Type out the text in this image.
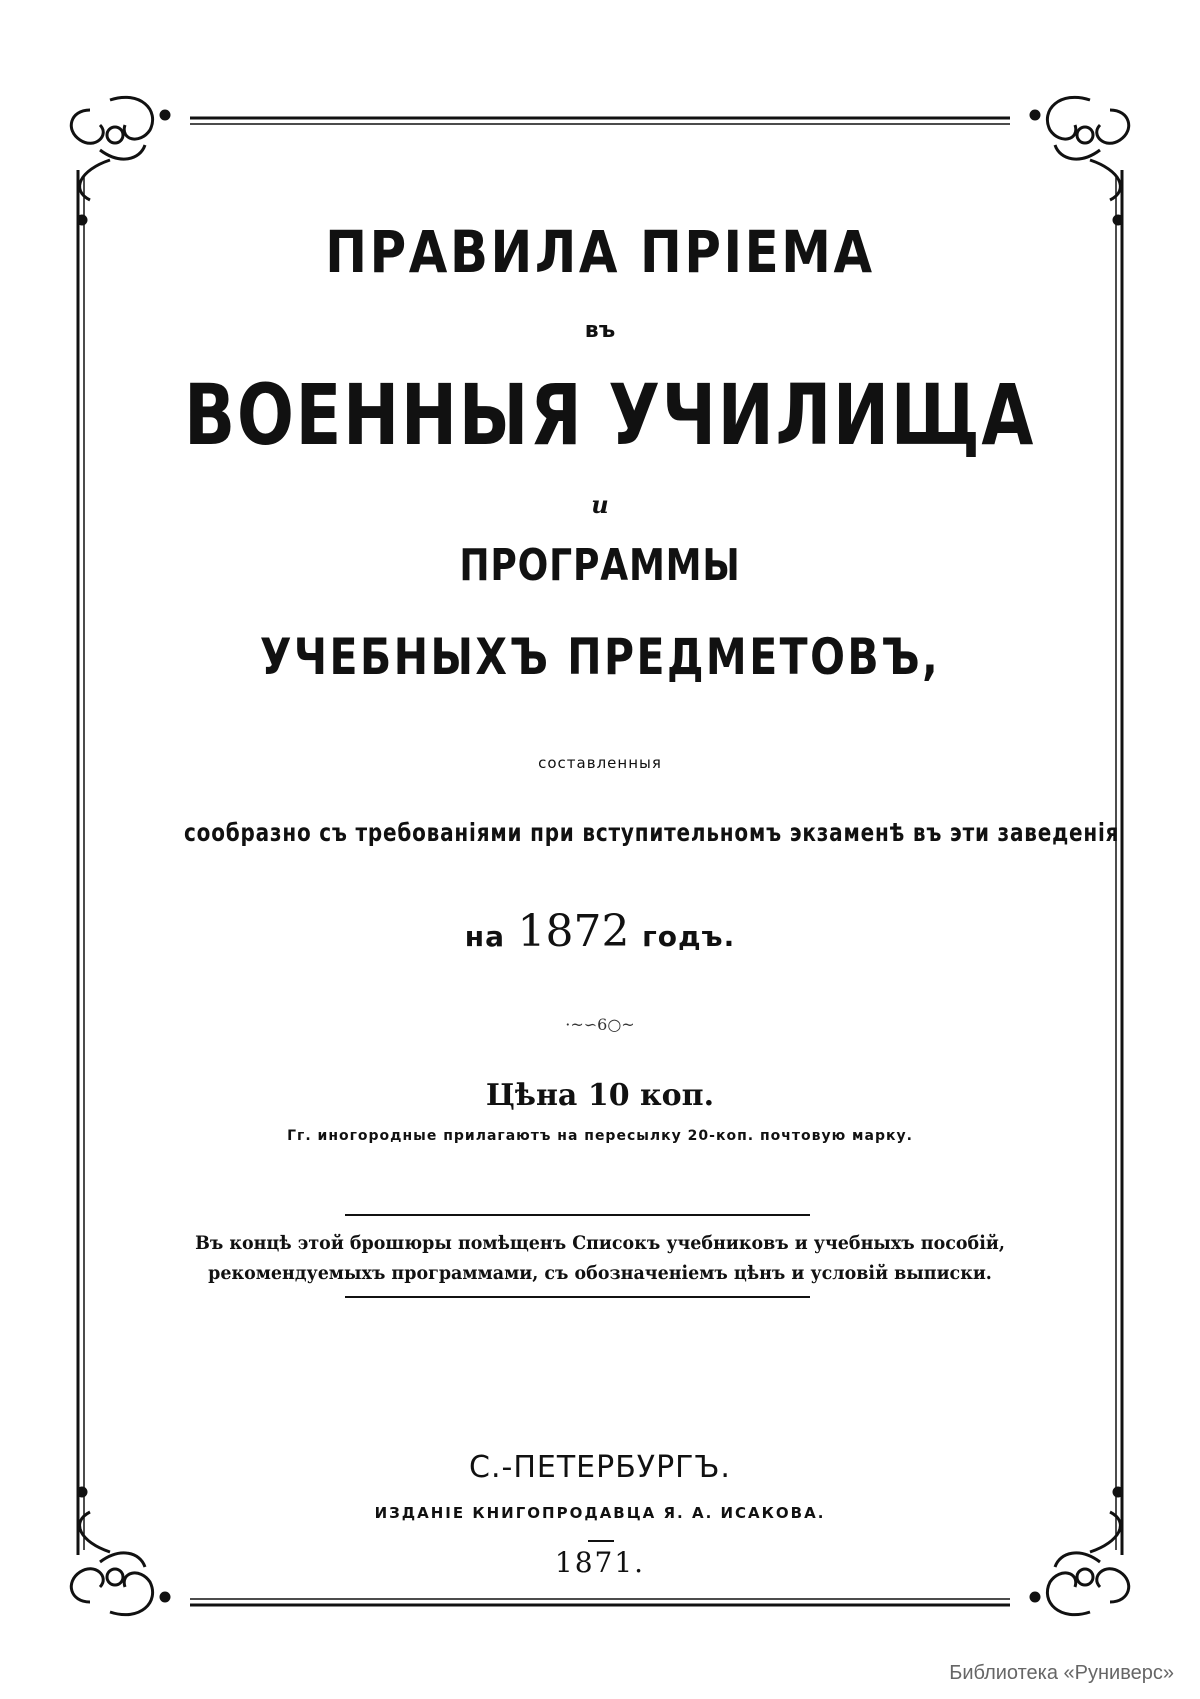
ПРАВИЛА ПРІЕМА
въ
ВОЕННЫЯ УЧИЛИЩА
и
ПРОГРАММЫ
УЧЕБНЫХЪ ПРЕДМЕТОВЪ,
составленныя
сообразно съ требованіями при вступительномъ экзаменѣ въ эти заведенія
на 1872 годъ.
·~∽6○~
Цѣна 10 коп.
Гг. иногородные прилагаютъ на пересылку 20-коп. почтовую марку.
Въ концѣ этой брошюры помѣщенъ Списокъ учебниковъ и учебныхъ пособій,
рекомендуемыхъ программами, съ обозначеніемъ цѣнъ и условій выписки.
С.-ПЕТЕРБУРГЪ.
ИЗДАНІЕ КНИГОПРОДАВЦА Я. А. ИСАКОВА.
1871.
Библиотека «Руниверс»
